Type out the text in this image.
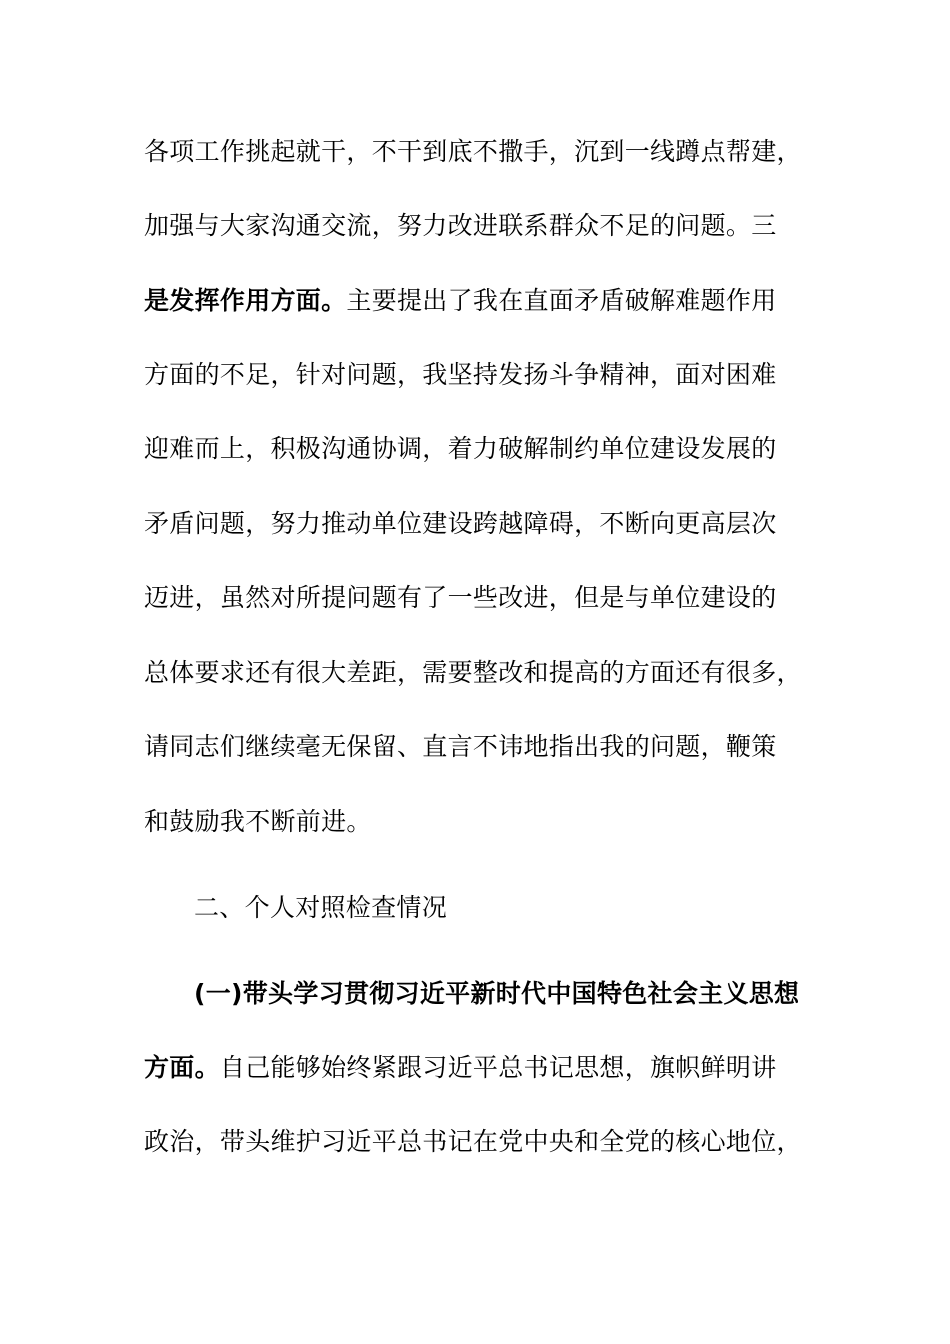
各项工作挑起就干，不干到底不撒手，沉到一线蹲点帮建，
加强与大家沟通交流，努力改进联系群众不足的问题。三
是发挥作用方面。主要提出了我在直面矛盾破解难题作用
方面的不足，针对问题，我坚持发扬斗争精神，面对困难
迎难而上，积极沟通协调，着力破解制约单位建设发展的
矛盾问题，努力推动单位建设跨越障碍，不断向更高层次
迈进，虽然对所提问题有了一些改进，但是与单位建设的
总体要求还有很大差距，需要整改和提高的方面还有很多，
请同志们继续毫无保留、直言不讳地指出我的问题，鞭策
和鼓励我不断前进。
二、个人对照检查情况
(一)带头学习贯彻习近平新时代中国特色社会主义思想
方面。自己能够始终紧跟习近平总书记思想，旗帜鲜明讲
政治，带头维护习近平总书记在党中央和全党的核心地位，
